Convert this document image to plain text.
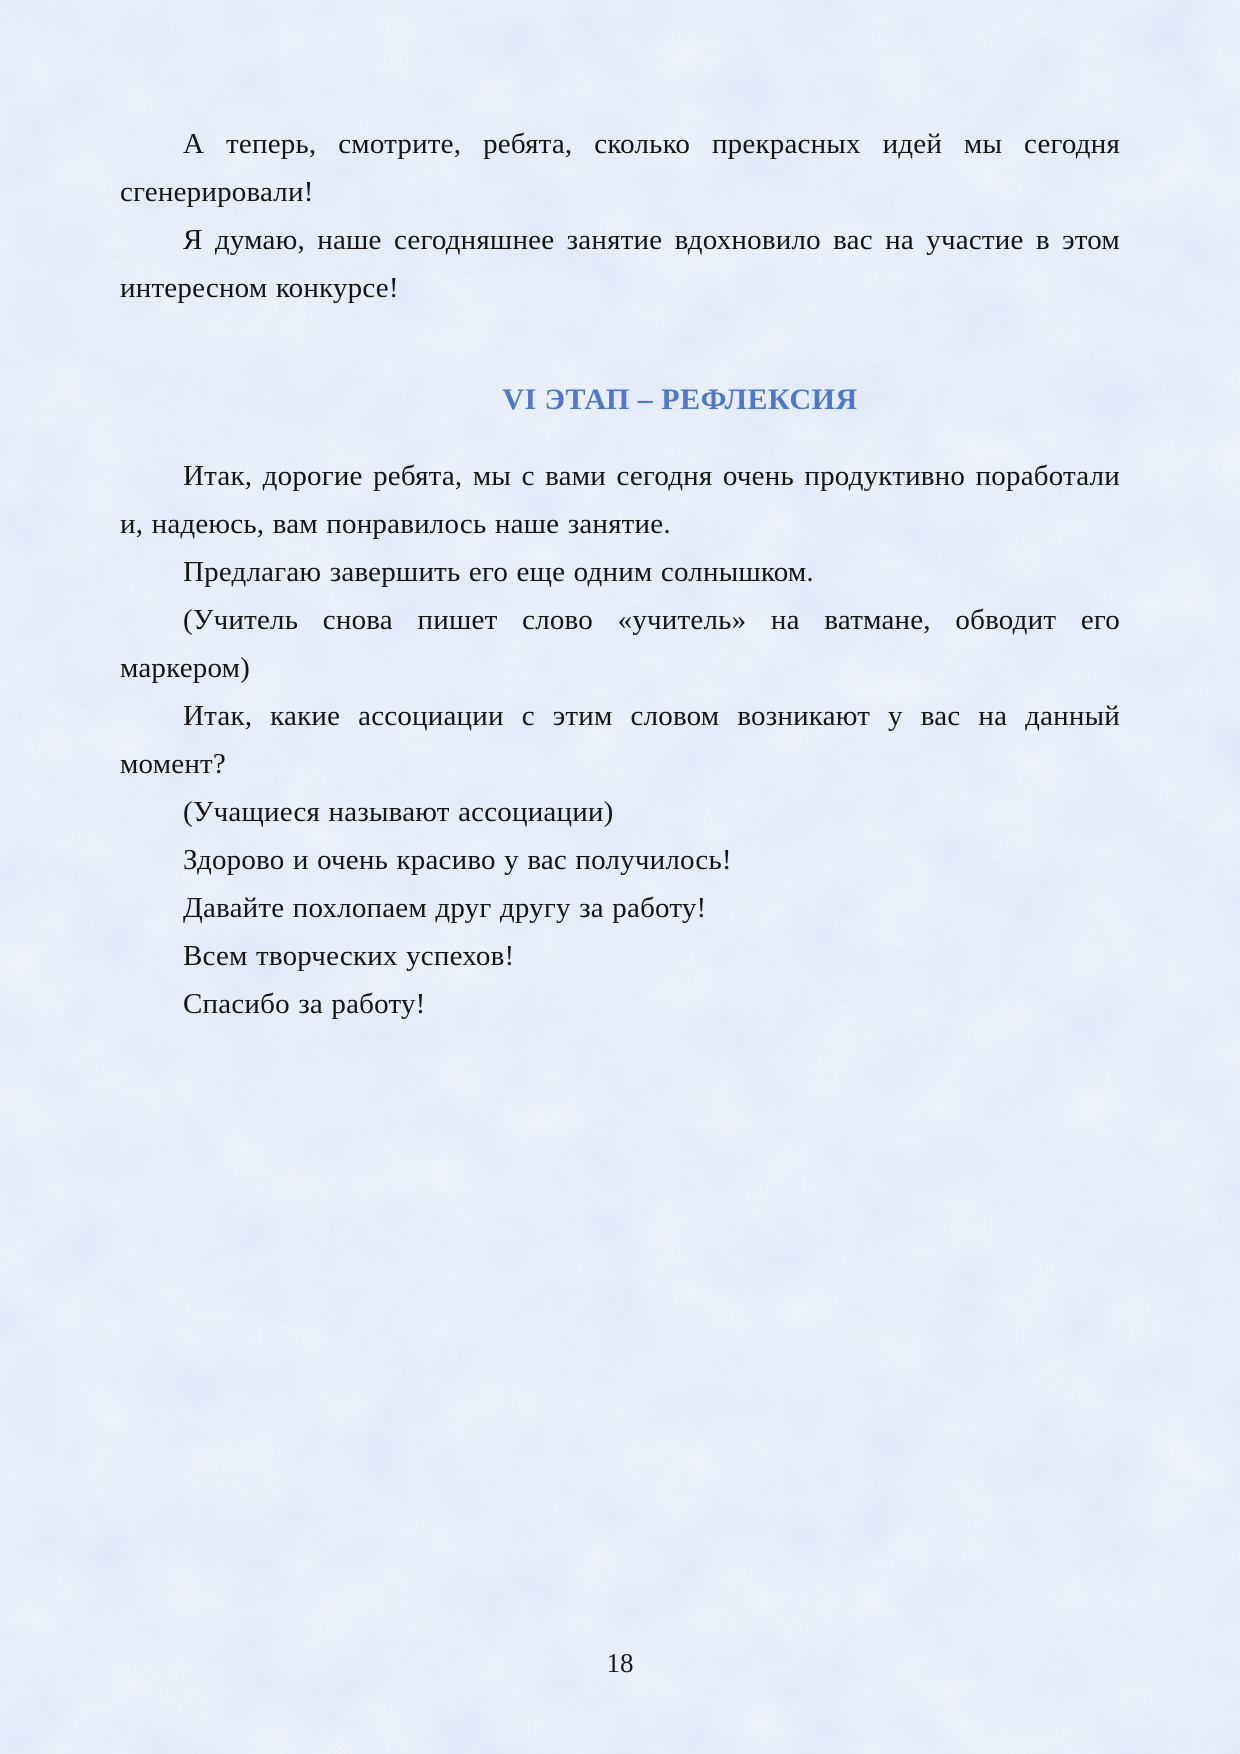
А теперь, смотрите, ребята, сколько прекрасных идей мы сегодня сгенерировали!

Я думаю, наше сегодняшнее занятие вдохновило вас на участие в этом интересном конкурсе!

VI ЭТАП – РЕФЛЕКСИЯ

Итак, дорогие ребята, мы с вами сегодня очень продуктивно поработали и, надеюсь, вам понравилось наше занятие.

Предлагаю завершить его еще одним солнышком.

(Учитель снова пишет слово «учитель» на ватмане, обводит его маркером)

Итак, какие ассоциации с этим словом возникают у вас на данный момент?

(Учащиеся называют ассоциации)

Здорово и очень красиво у вас получилось!

Давайте похлопаем друг другу за работу!

Всем творческих успехов!

Спасибо за работу!

18
